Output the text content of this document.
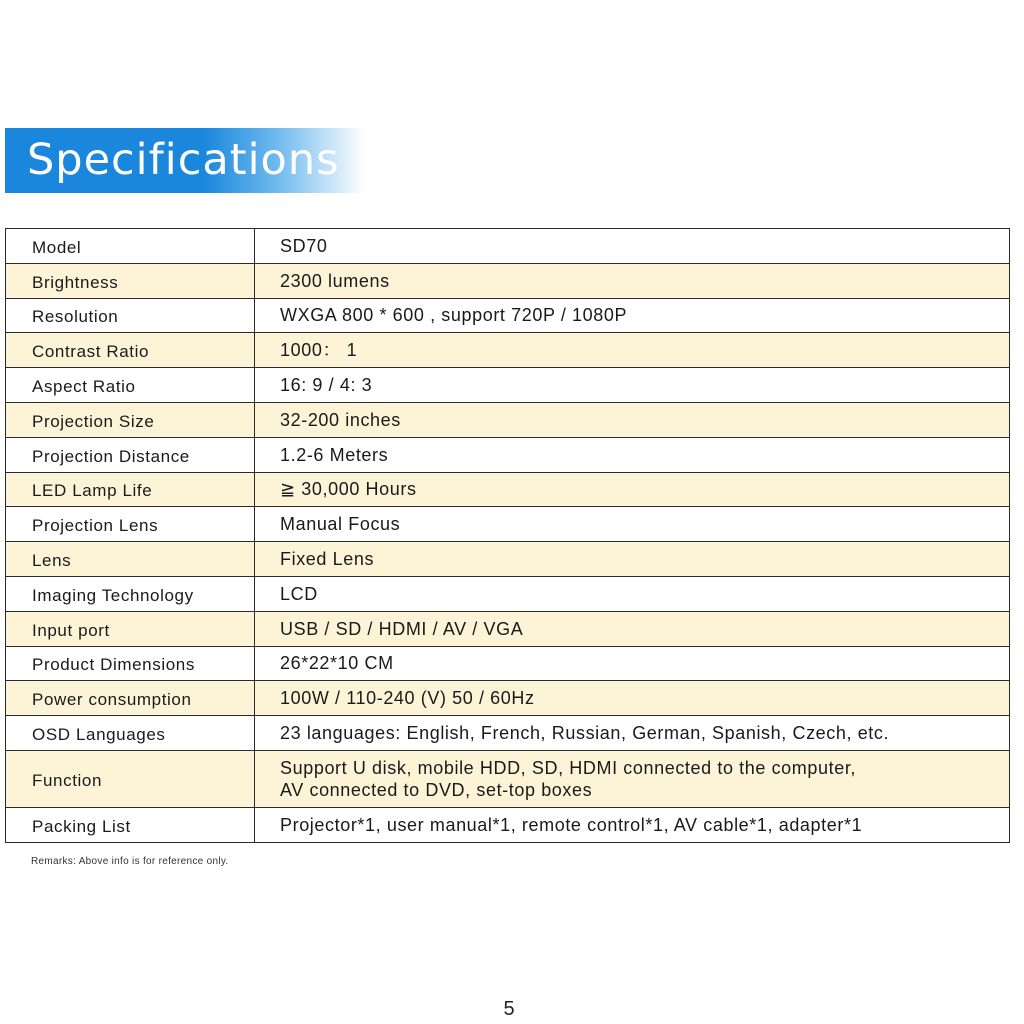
Specifications
Model	SD70
Brightness	2300 lumens
Resolution	WXGA 800 * 600 , support 720P / 1080P
Contrast Ratio	1000： 1
Aspect Ratio	16: 9 / 4: 3
Projection Size	32-200 inches
Projection Distance	1.2-6 Meters
LED Lamp Life	≧ 30,000 Hours
Projection Lens	Manual Focus
Lens	Fixed Lens
Imaging Technology	LCD
Input port	USB / SD / HDMI / AV / VGA
Product Dimensions	26*22*10 CM
Power consumption	100W / 110-240 (V) 50 / 60Hz
OSD Languages	23 languages: English, French, Russian, German, Spanish, Czech, etc.
Function	Support U disk, mobile HDD, SD, HDMI connected to the computer,
AV connected to DVD, set-top boxes

Packing List	Projector*1, user manual*1, remote control*1, AV cable*1, adapter*1
Remarks: Above info is for reference only.
5
